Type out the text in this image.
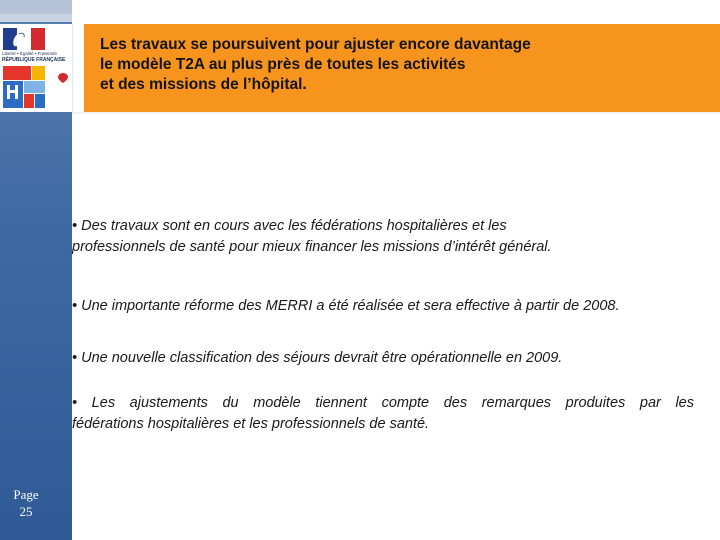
Liberté • Égalité • Fraternité
RÉPUBLIQUE FRANÇAISE
Page
25
Les travaux se poursuivent pour ajuster encore davantage
le modèle T2A au plus près de toutes les activités
et des missions de l’hôpital.

• Des travaux sont en cours avec les fédérations hospitalières et les
professionnels de santé pour mieux financer les missions d’intérêt général.

• Une importante réforme des MERRI a été réalisée et sera effective à partir de 2008.

• Une nouvelle classification des séjours devrait être opérationnelle en 2009.

• Les ajustements du modèle tiennent compte des remarques produites par les
fédérations hospitalières et les professionnels de santé.
